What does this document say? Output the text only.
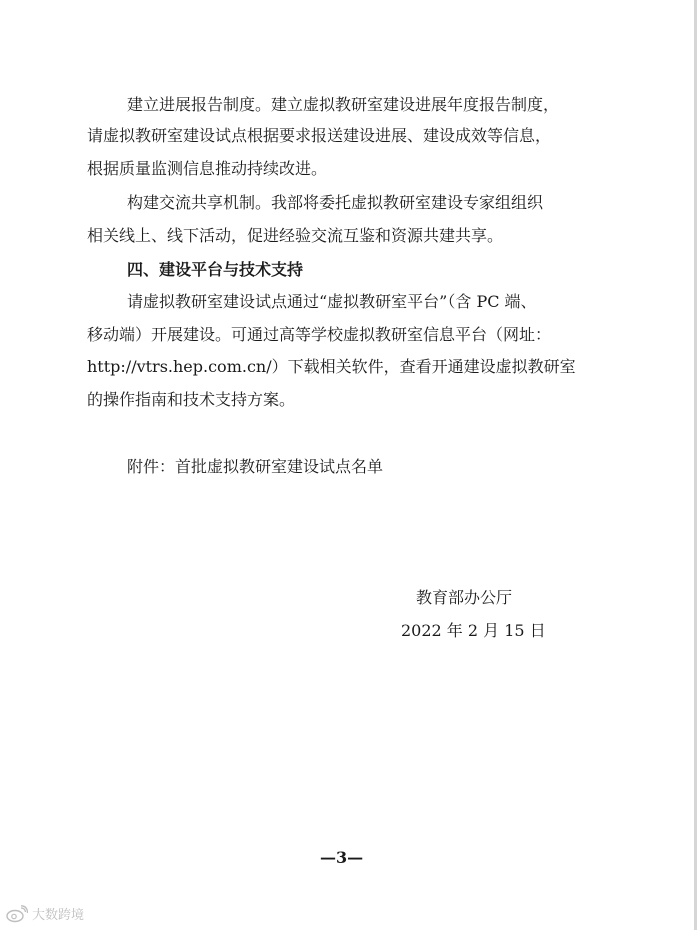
建立进展报告制度。建立虚拟教研室建设进展年度报告制度，
请虚拟教研室建设试点根据要求报送建设进展、建设成效等信息，
根据质量监测信息推动持续改进。
构建交流共享机制。我部将委托虚拟教研室建设专家组组织
相关线上、线下活动，促进经验交流互鉴和资源共建共享。
四、建设平台与技术支持
请虚拟教研室建设试点通过“虚拟教研室平台”（含 PC 端、
移动端）开展建设。可通过高等学校虚拟教研室信息平台（网址：
http://vtrs.hep.com.cn/）下载相关软件，查看开通建设虚拟教研室
的操作指南和技术支持方案。
附件：首批虚拟教研室建设试点名单
教育部办公厅
2022 年 2 月 15 日
—3—
大数跨境
